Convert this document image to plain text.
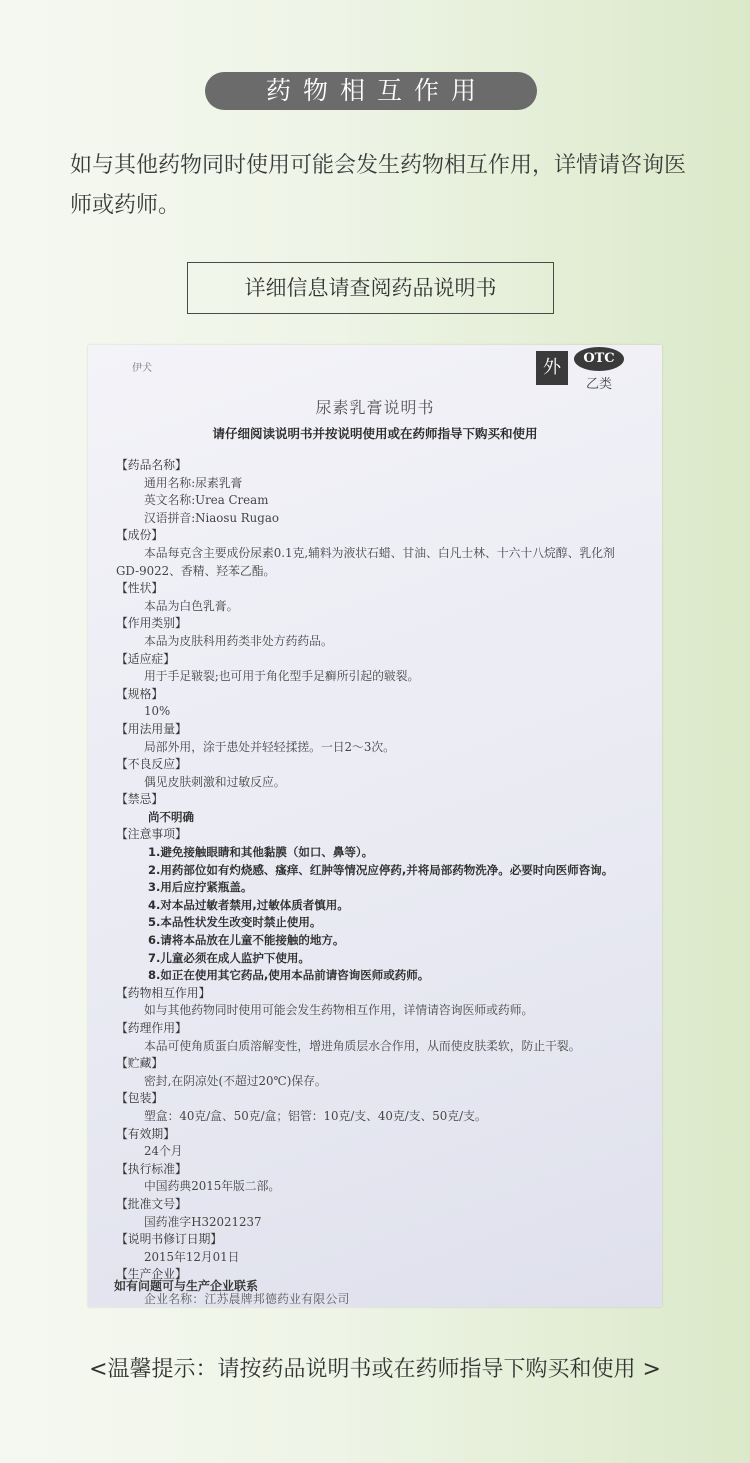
药物相互作用
如与其他药物同时使用可能会发生药物相互作用，详情请咨询医师或药师。
详细信息请查阅药品说明书
伊犬	外	OTC
乙类
尿素乳膏说明书
请仔细阅读说明书并按说明使用或在药师指导下购买和使用
【药品名称】
通用名称:尿素乳膏
英文名称:Urea Cream
汉语拼音:Niaosu Rugao
【成份】
本品每克含主要成份尿素0.1克,辅料为液状石蜡、甘油、白凡士林、十六十八烷醇、乳化剂GD-9022、香精、羟苯乙酯。
【性状】
本品为白色乳膏。
【作用类别】
本品为皮肤科用药类非处方药药品。
【适应症】
用于手足皲裂;也可用于角化型手足癣所引起的皲裂。
【规格】
10%
【用法用量】
局部外用，涂于患处并轻轻揉搓。一日2～3次。
【不良反应】
偶见皮肤刺激和过敏反应。
【禁忌】
尚不明确
【注意事项】
1.避免接触眼睛和其他黏膜（如口、鼻等）。
2.用药部位如有灼烧感、瘙痒、红肿等情况应停药,并将局部药物洗净。必要时向医师咨询。
3.用后应拧紧瓶盖。
4.对本品过敏者禁用,过敏体质者慎用。
5.本品性状发生改变时禁止使用。
6.请将本品放在儿童不能接触的地方。
7.儿童必须在成人监护下使用。
8.如正在使用其它药品,使用本品前请咨询医师或药师。
【药物相互作用】
如与其他药物同时使用可能会发生药物相互作用，详情请咨询医师或药师。
【药理作用】
本品可使角质蛋白质溶解变性，增进角质层水合作用，从而使皮肤柔软，防止干裂。
【贮藏】
密封,在阴凉处(不超过20℃)保存。
【包装】
塑盒：40克/盒、50克/盒；铝管：10克/支、40克/支、50克/支。
【有效期】
24个月
【执行标准】
中国药典2015年版二部。
【批准文号】
国药准字H32021237
【说明书修订日期】
2015年12月01日
【生产企业】
企业名称：江苏晨牌邦德药业有限公司
如有问题可与生产企业联系
<温馨提示：请按药品说明书或在药师指导下购买和使用 >
